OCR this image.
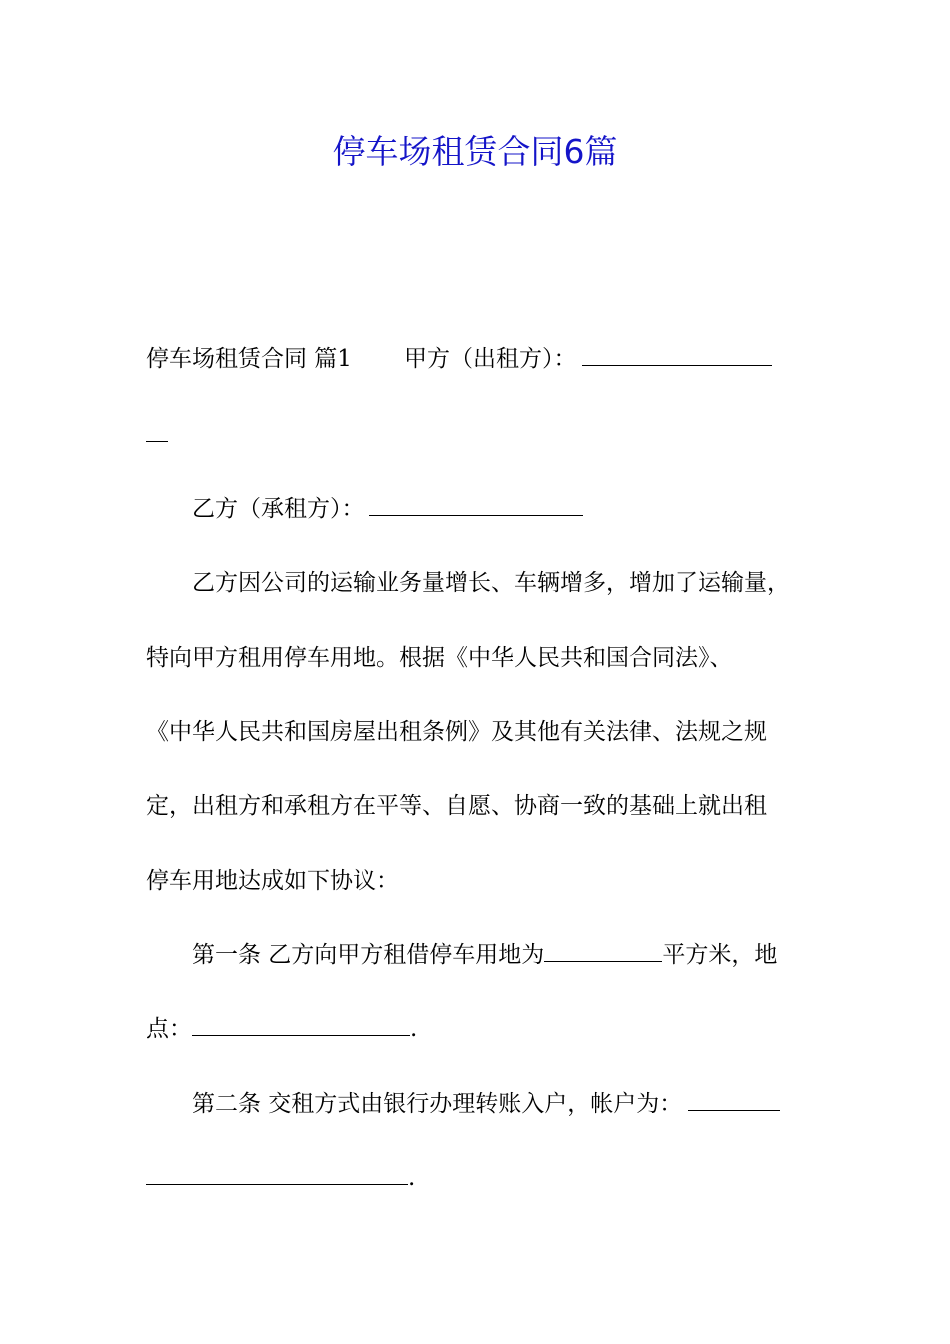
停车场租赁合同6篇
停车场租赁合同 篇1 甲方（出租方）：
乙方（承租方）：
乙方因公司的运输业务量增长、车辆增多，增加了运输量，
特向甲方租用停车用地。根据《中华人民共和国合同法》、
《中华人民共和国房屋出租条例》及其他有关法律、法规之规
定，出租方和承租方在平等、自愿、协商一致的基础上就出租
停车用地达成如下协议：
第一条 乙方向甲方租借停车用地为	平方米，地
点：	.
第二条 交租方式由银行办理转账入户，帐户为：
.
